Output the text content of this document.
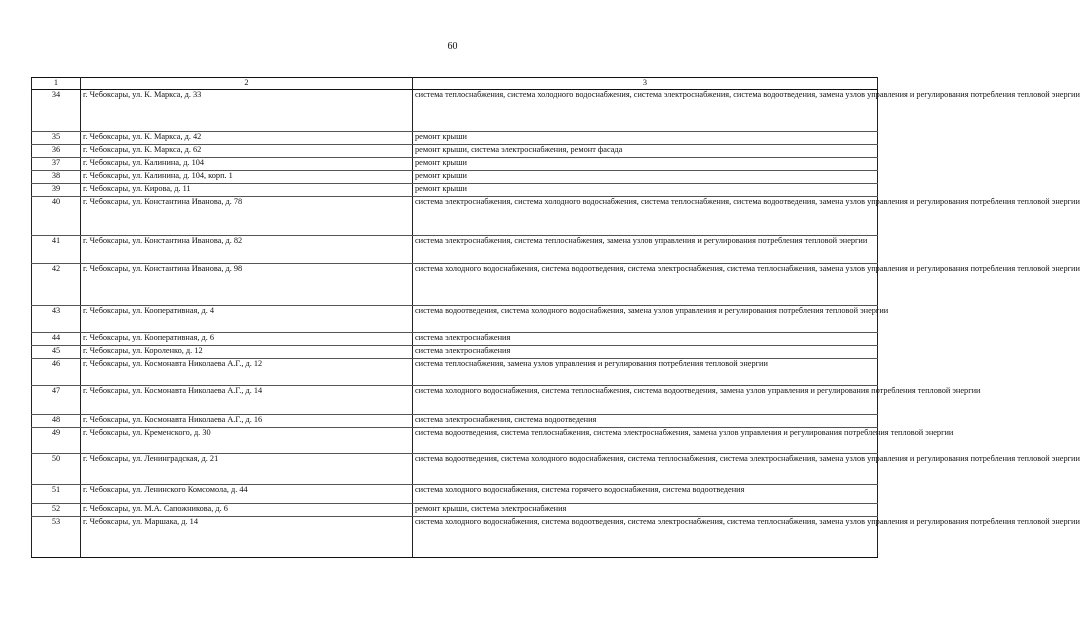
60
1	2	3
34	г. Чебоксары, ул. К. Маркса, д. 33	система теплоснабжения, система холодного водоснабжения, система электроснабжения, система водоотведения, замена узлов управления и регулирования потребления тепловой энергии
35	г. Чебоксары, ул. К. Маркса, д. 42	ремонт крыши
36	г. Чебоксары, ул. К. Маркса, д. 62	ремонт крыши, система электроснабжения, ремонт фасада
37	г. Чебоксары, ул. Калинина, д. 104	ремонт крыши
38	г. Чебоксары, ул. Калинина, д. 104, корп. 1	ремонт крыши
39	г. Чебоксары, ул. Кирова, д. 11	ремонт крыши
40	г. Чебоксары, ул. Константина Иванова, д. 78	система электроснабжения, система холодного водоснабжения, система теплоснабжения, система водоотведения, замена узлов управления и регулирования потребления тепловой энергии
41	г. Чебоксары, ул. Константина Иванова, д. 82	система электроснабжения, система теплоснабжения, замена узлов управления и регулирования потребления тепловой энергии
42	г. Чебоксары, ул. Константина Иванова, д. 98	система холодного водоснабжения, система водоотведения, система электроснабжения, система теплоснабжения, замена узлов управления и регулирования потребления тепловой энергии
43	г. Чебоксары, ул. Кооперативная, д. 4	система водоотведения, система холодного водоснабжения, замена узлов управления и регулирования потребления тепловой энергии
44	г. Чебоксары, ул. Кооперативная, д. 6	система электроснабжения
45	г. Чебоксары, ул. Короленко, д. 12	система электроснабжения
46	г. Чебоксары, ул. Космонавта Николаева А.Г., д. 12	система теплоснабжения, замена узлов управления и регулирования потребления тепловой энергии
47	г. Чебоксары, ул. Космонавта Николаева А.Г., д. 14	система холодного водоснабжения, система теплоснабжения, система водоотведения, замена узлов управления и регулирования потребления тепловой энергии
48	г. Чебоксары, ул. Космонавта Николаева А.Г., д. 16	система электроснабжения, система водоотведения
49	г. Чебоксары, ул. Кременского, д. 30	система водоотведения, система теплоснабжения, система электроснабжения, замена узлов управления и регулирования потребления тепловой энергии
50	г. Чебоксары, ул. Ленинградская, д. 21	система водоотведения, система холодного водоснабжения, система теплоснабжения, система электроснабжения, замена узлов управления и регулирования потребления тепловой энергии
51	г. Чебоксары, ул. Ленинского Комсомола, д. 44	система холодного водоснабжения, система горячего водоснабжения, система водоотведения
52	г. Чебоксары, ул. М.А. Сапожникова, д. 6	ремонт крыши, система электроснабжения
53	г. Чебоксары, ул. Маршака, д. 14	система холодного водоснабжения, система водоотведения, система электроснабжения, система теплоснабжения, замена узлов управления и регулирования потребления тепловой энергии
